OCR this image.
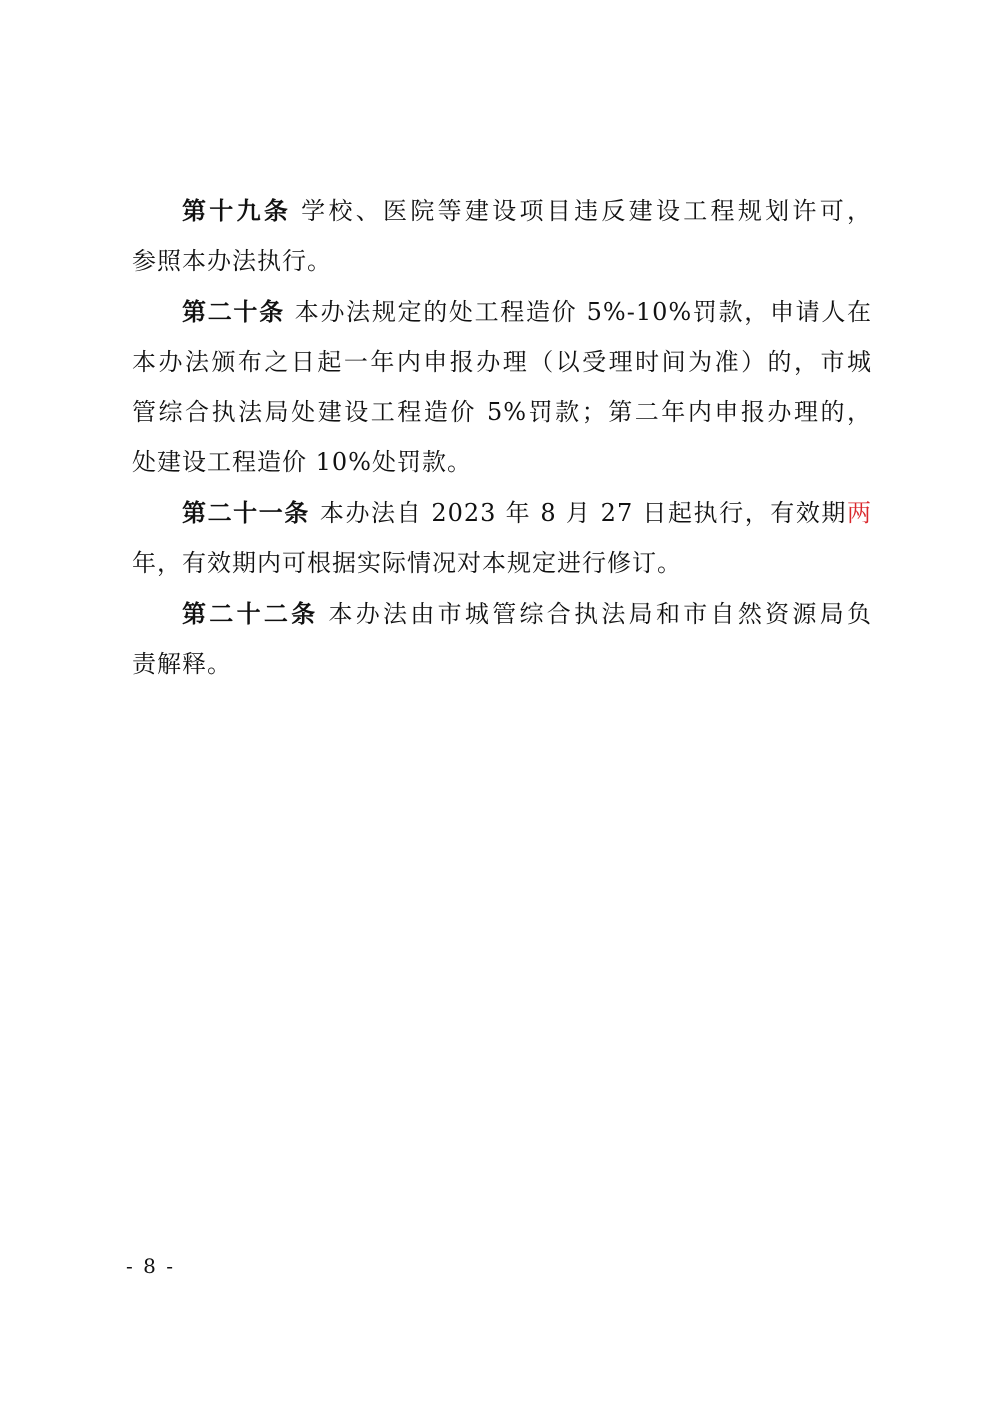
第十九条 学校、医院等建设项目违反建设工程规划许可，
参照本办法执行。
第二十条 本办法规定的处工程造价 5%-10%罚款，申请人在
本办法颁布之日起一年内申报办理（以受理时间为准）的，市城
管综合执法局处建设工程造价 5%罚款；第二年内申报办理的，
处建设工程造价 10%处罚款。
第二十一条 本办法自 2023 年 8 月 27 日起执行，有效期两
年，有效期内可根据实际情况对本规定进行修订。
第二十二条 本办法由市城管综合执法局和市自然资源局负
责解释。
- 8 -
